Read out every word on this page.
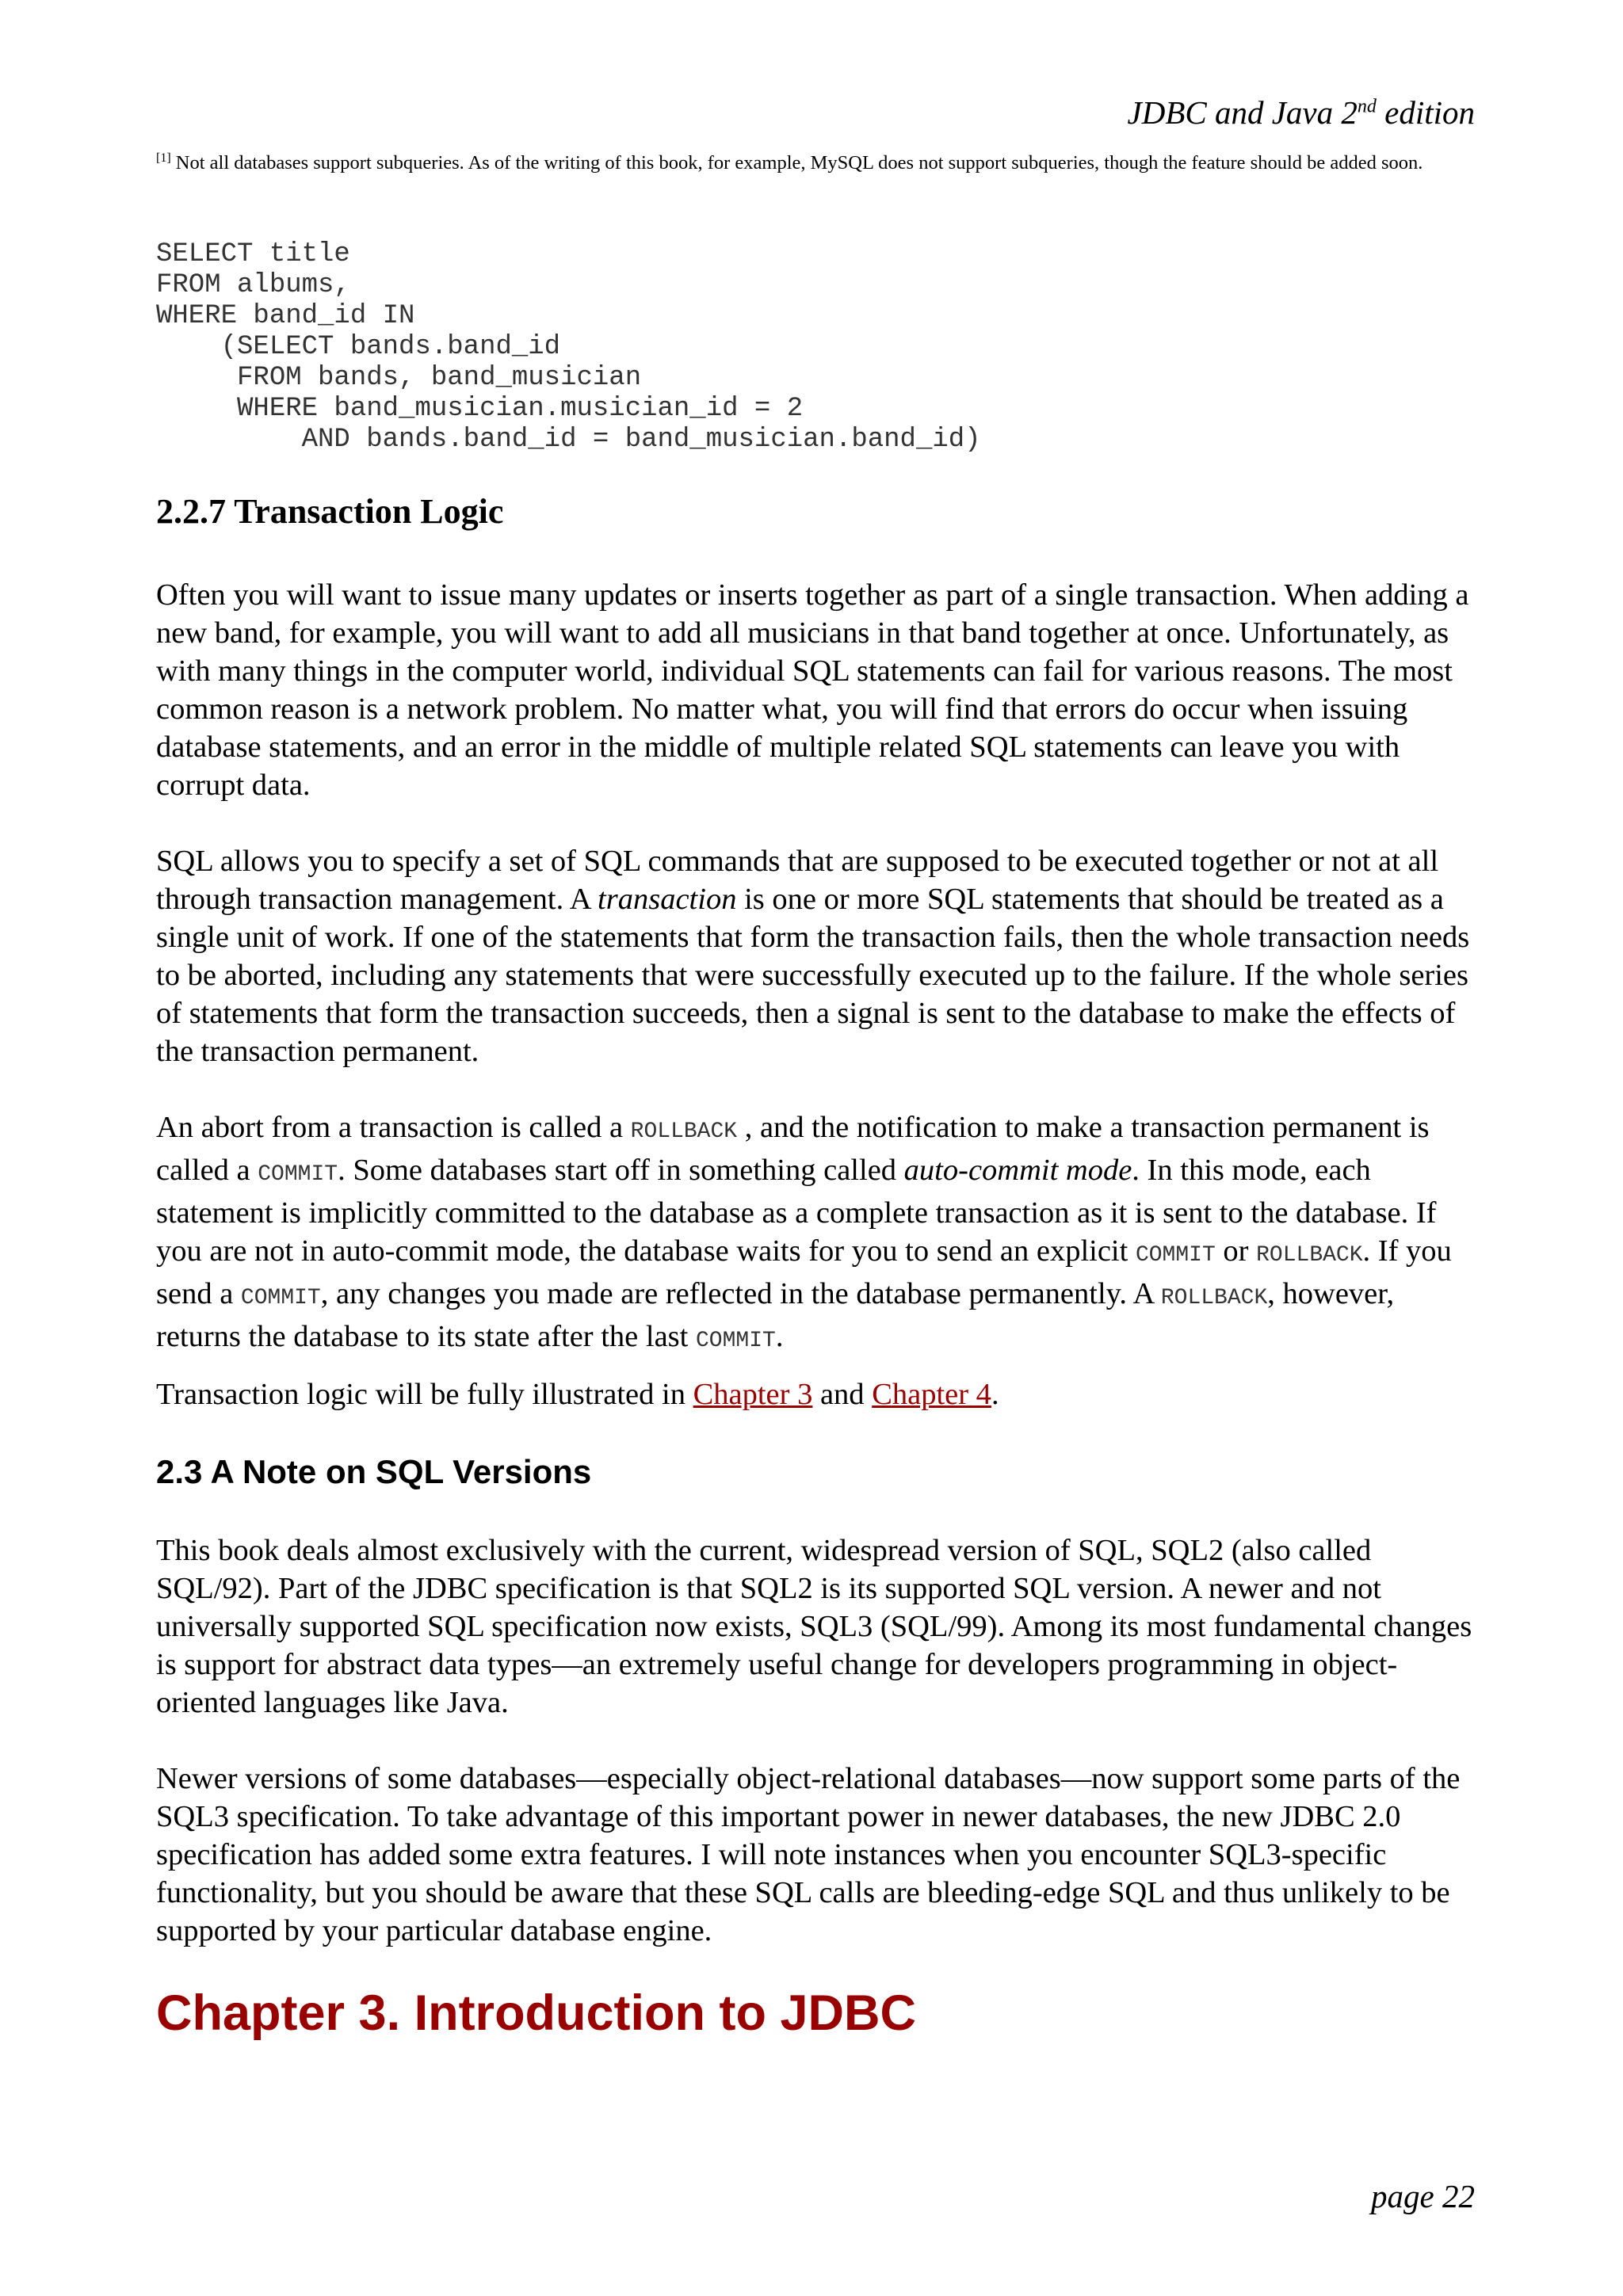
JDBC and Java 2nd edition
[1] Not all databases support subqueries. As of the writing of this book, for example, MySQL does not support subqueries, though the feature should be added soon.
SELECT title
FROM albums,
WHERE band_id IN
(SELECT bands.band_id
FROM bands, band_musician
WHERE band_musician.musician_id = 2
AND bands.band_id = band_musician.band_id)
2.2.7 Transaction Logic

Often you will want to issue many updates or inserts together as part of a single transaction. When adding a new band, for example, you will want to add all musicians in that band together at once. Unfortunately, as with many things in the computer world, individual SQL statements can fail for various reasons. The most common reason is a network problem. No matter what, you will find that errors do occur when issuing database statements, and an error in the middle of multiple related SQL statements can leave you with corrupt data.

SQL allows you to specify a set of SQL commands that are supposed to be executed together or not at all through transaction management. A transaction is one or more SQL statements that should be treated as a single unit of work. If one of the statements that form the transaction fails, then the whole transaction needs to be aborted, including any statements that were successfully executed up to the failure. If the whole series of statements that form the transaction succeeds, then a signal is sent to the database to make the effects of the transaction permanent.

An abort from a transaction is called a ROLLBACK , and the notification to make a transaction permanent is called a COMMIT. Some databases start off in something called auto-commit mode. In this mode, each statement is implicitly committed to the database as a complete transaction as it is sent to the database. If you are not in auto-commit mode, the database waits for you to send an explicit COMMIT or ROLLBACK. If you send a COMMIT, any changes you made are reflected in the database permanently. A ROLLBACK, however, returns the database to its state after the last COMMIT.

Transaction logic will be fully illustrated in Chapter 3 and Chapter 4.

2.3 A Note on SQL Versions

This book deals almost exclusively with the current, widespread version of SQL, SQL2 (also called SQL/92). Part of the JDBC specification is that SQL2 is its supported SQL version. A newer and not universally supported SQL specification now exists, SQL3 (SQL/99). Among its most fundamental changes is support for abstract data types—an extremely useful change for developers programming in object-oriented languages like Java.

Newer versions of some databases—especially object-relational databases—now support some parts of the SQL3 specification. To take advantage of this important power in newer databases, the new JDBC 2.0 specification has added some extra features. I will note instances when you encounter SQL3-specific functionality, but you should be aware that these SQL calls are bleeding-edge SQL and thus unlikely to be supported by your particular database engine.

Chapter 3. Introduction to JDBC
page 22
